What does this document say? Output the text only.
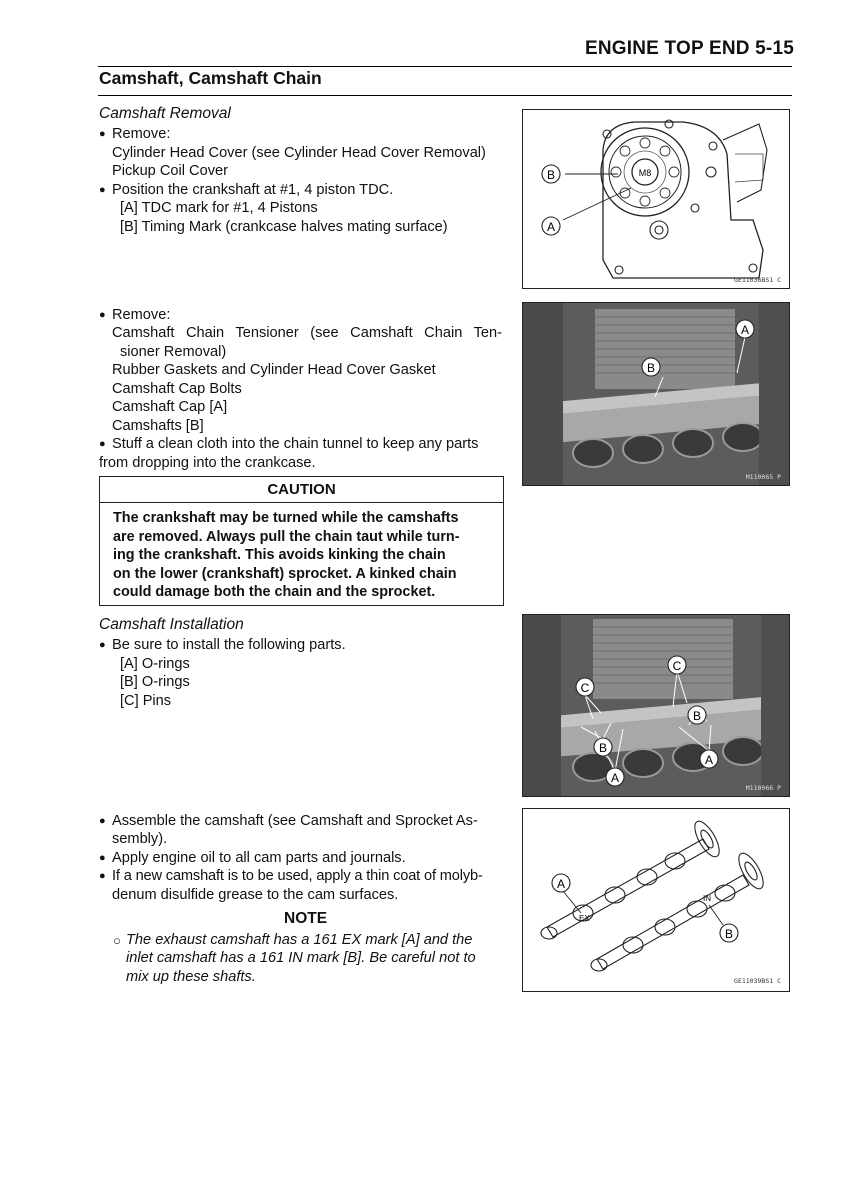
ENGINE TOP END 5-15
Camshaft, Camshaft Chain
Camshaft Removal
● Remove:
Cylinder Head Cover (see Cylinder Head Cover Removal)
Pickup Coil Cover
● Position the crankshaft at #1, 4 piston TDC.
[A] TDC mark for #1, 4 Pistons
[B] Timing Mark (crankcase halves mating surface)
● Remove:
Camshaft Chain Tensioner (see Camshaft Chain Ten-
sioner Removal)
Rubber Gaskets and Cylinder Head Cover Gasket
Camshaft Cap Bolts
Camshaft Cap [A]
Camshafts [B]
● Stuff a clean cloth into the chain tunnel to keep any parts
from dropping into the crankcase.
CAUTION
The crankshaft may be turned while the camshafts
are removed. Always pull the chain taut while turn-
ing the crankshaft. This avoids kinking the chain
on the lower (crankshaft) sprocket. A kinked chain
could damage both the chain and the sprocket.
Camshaft Installation
● Be sure to install the following parts.
[A] O-rings
[B] O-rings
[C] Pins
● Assemble the camshaft (see Camshaft and Sprocket As-
sembly).
● Apply engine oil to all cam parts and journals.
● If a new camshaft is to be used, apply a thin coat of molyb-
denum disulfide grease to the cam surfaces.
NOTE
○ The exhaust camshaft has a 161 EX mark [A] and the
inlet camshaft has a 161 IN mark [B]. Be careful not to
mix up these shafts.
M8
B
A
GE11036BS1 C
B
A
M110065 P
C
C
B
B
A
A
M110066 P
EX
IN
A
B
GE11039BS1 C
